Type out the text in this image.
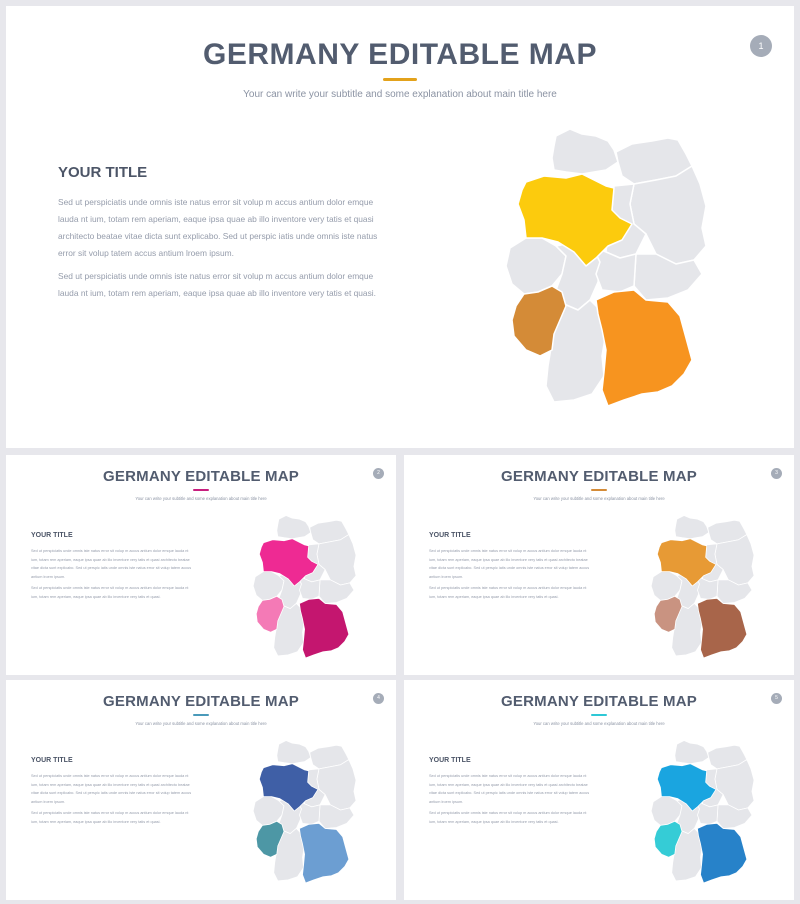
GERMANY EDITABLE MAP
Your can write your subtitle and some explanation about main title here
1
YOUR TITLE
Sed ut perspiciatis unde omnis iste natus error sit volup m accus antium dolor emque lauda nt ium, totam rem aperiam, eaque ipsa quae ab illo inventore very tatis et quasi architecto beatae vitae dicta sunt explicabo. Sed ut perspic iatis unde omnis iste natus error sit volup tatem accus antium lroem ipsum.
Sed ut perspiciatis unde omnis iste natus error sit volup m accus antium dolor emque lauda nt ium, totam rem aperiam, eaque ipsa quae ab illo inventore very tatis et quasi.
GERMANY EDITABLE MAP
Your can write your subtitle and some explanation about main title here
2
YOUR TITLE
Sed ut perspiciatis unde omnis iste natus error sit volup m accus antium dolor emque lauda nt ium, totam rem aperiam, eaque ipsa quae ab illo inventore very tatis et quasi architecto beatae vitae dicta sunt explicabo. Sed ut perspic iatis unde omnis iste natus error sit volup tatem accus antium lroem ipsum.
Sed ut perspiciatis unde omnis iste natus error sit volup m accus antium dolor emque lauda nt ium, totam rem aperiam, eaque ipsa quae ab illo inventore very tatis et quasi.
GERMANY EDITABLE MAP
Your can write your subtitle and some explanation about main title here
3
YOUR TITLE
Sed ut perspiciatis unde omnis iste natus error sit volup m accus antium dolor emque lauda nt ium, totam rem aperiam, eaque ipsa quae ab illo inventore very tatis et quasi architecto beatae vitae dicta sunt explicabo. Sed ut perspic iatis unde omnis iste natus error sit volup tatem accus antium lroem ipsum.
Sed ut perspiciatis unde omnis iste natus error sit volup m accus antium dolor emque lauda nt ium, totam rem aperiam, eaque ipsa quae ab illo inventore very tatis et quasi.
GERMANY EDITABLE MAP
Your can write your subtitle and some explanation about main title here
4
YOUR TITLE
Sed ut perspiciatis unde omnis iste natus error sit volup m accus antium dolor emque lauda nt ium, totam rem aperiam, eaque ipsa quae ab illo inventore very tatis et quasi architecto beatae vitae dicta sunt explicabo. Sed ut perspic iatis unde omnis iste natus error sit volup tatem accus antium lroem ipsum.
Sed ut perspiciatis unde omnis iste natus error sit volup m accus antium dolor emque lauda nt ium, totam rem aperiam, eaque ipsa quae ab illo inventore very tatis et quasi.
GERMANY EDITABLE MAP
Your can write your subtitle and some explanation about main title here
5
YOUR TITLE
Sed ut perspiciatis unde omnis iste natus error sit volup m accus antium dolor emque lauda nt ium, totam rem aperiam, eaque ipsa quae ab illo inventore very tatis et quasi architecto beatae vitae dicta sunt explicabo. Sed ut perspic iatis unde omnis iste natus error sit volup tatem accus antium lroem ipsum.
Sed ut perspiciatis unde omnis iste natus error sit volup m accus antium dolor emque lauda nt ium, totam rem aperiam, eaque ipsa quae ab illo inventore very tatis et quasi.
